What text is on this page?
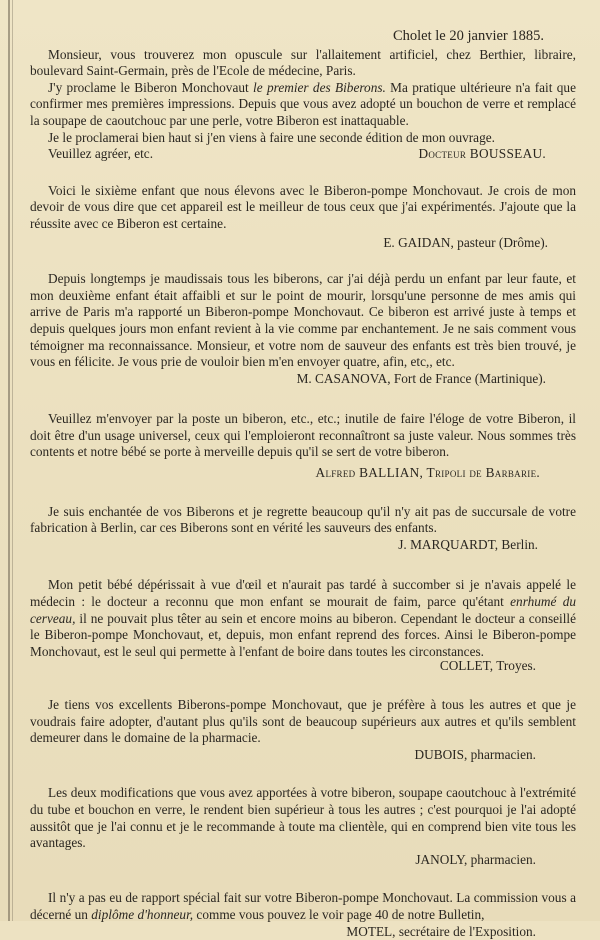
Cholet le 20 janvier 1885.

Monsieur, vous trouverez mon opuscule sur l'allaitement artificiel, chez Berthier, libraire, boulevard Saint-Germain, près de l'Ecole de médecine, Paris.

J'y proclame le Biberon Monchovaut le premier des Biberons. Ma pratique ultérieure n'a fait que confirmer mes premières impressions. Depuis que vous avez adopté un bouchon de verre et remplacé la soupape de caoutchouc par une perle, votre Biberon est inattaquable.

Je le proclamerai bien haut si j'en viens à faire une seconde édition de mon ouvrage.

Veuillez agréer, etc.	Docteur BOUSSEAU.

Voici le sixième enfant que nous élevons avec le Biberon-pompe Monchovaut. Je crois de mon devoir de vous dire que cet appareil est le meilleur de tous ceux que j'ai expérimentés. J'ajoute que la réussite avec ce Biberon est certaine.

E. GAIDAN, pasteur (Drôme).

Depuis longtemps je maudissais tous les biberons, car j'ai déjà perdu un enfant par leur faute, et mon deuxième enfant était affaibli et sur le point de mourir, lorsqu'une personne de mes amis qui arrive de Paris m'a rapporté un Biberon-pompe Monchovaut. Ce biberon est arrivé juste à temps et depuis quelques jours mon enfant revient à la vie comme par enchantement. Je ne sais comment vous témoigner ma reconnaissance. Monsieur, et votre nom de sauveur des enfants est très bien trouvé, je vous en félicite. Je vous prie de vouloir bien m'en envoyer quatre, afin, etc,, etc.

M. CASANOVA, Fort de France (Martinique).

Veuillez m'envoyer par la poste un biberon, etc., etc.; inutile de faire l'éloge de votre Biberon, il doit être d'un usage universel, ceux qui l'emploieront reconnaîtront sa juste valeur. Nous sommes très contents et notre bébé se porte à merveille depuis qu'il se sert de votre biberon.

Alfred BALLIAN, Tripoli de Barbarie.

Je suis enchantée de vos Biberons et je regrette beaucoup qu'il n'y ait pas de succursale de votre fabrication à Berlin, car ces Biberons sont en vérité les sauveurs des enfants.

J. MARQUARDT, Berlin.

Mon petit bébé dépérissait à vue d'œil et n'aurait pas tardé à succomber si je n'avais appelé le médecin : le docteur a reconnu que mon enfant se mourait de faim, parce qu'étant enrhumé du cerveau, il ne pouvait plus têter au sein et encore moins au biberon. Cependant le docteur a conseillé le Biberon-pompe Monchovaut, et, depuis, mon enfant reprend des forces. Ainsi le Biberon-pompe Monchovaut, est le seul qui permette à l'enfant de boire dans toutes les circonstances.

COLLET, Troyes.

Je tiens vos excellents Biberons-pompe Monchovaut, que je préfère à tous les autres et que je voudrais faire adopter, d'autant plus qu'ils sont de beaucoup supérieurs aux autres et qu'ils semblent demeurer dans le domaine de la pharmacie.

DUBOIS, pharmacien.

Les deux modifications que vous avez apportées à votre biberon, soupape caoutchouc à l'extrémité du tube et bouchon en verre, le rendent bien supérieur à tous les autres ; c'est pourquoi je l'ai adopté aussitôt que je l'ai connu et je le recommande à toute ma clientèle, qui en comprend bien vite tous les avantages.

JANOLY, pharmacien.

Il n'y a pas eu de rapport spécial fait sur votre Biberon-pompe Monchovaut. La commission vous a décerné un diplôme d'honneur, comme vous pouvez le voir page 40 de notre Bulletin,

MOTEL, secrétaire de l'Exposition.
